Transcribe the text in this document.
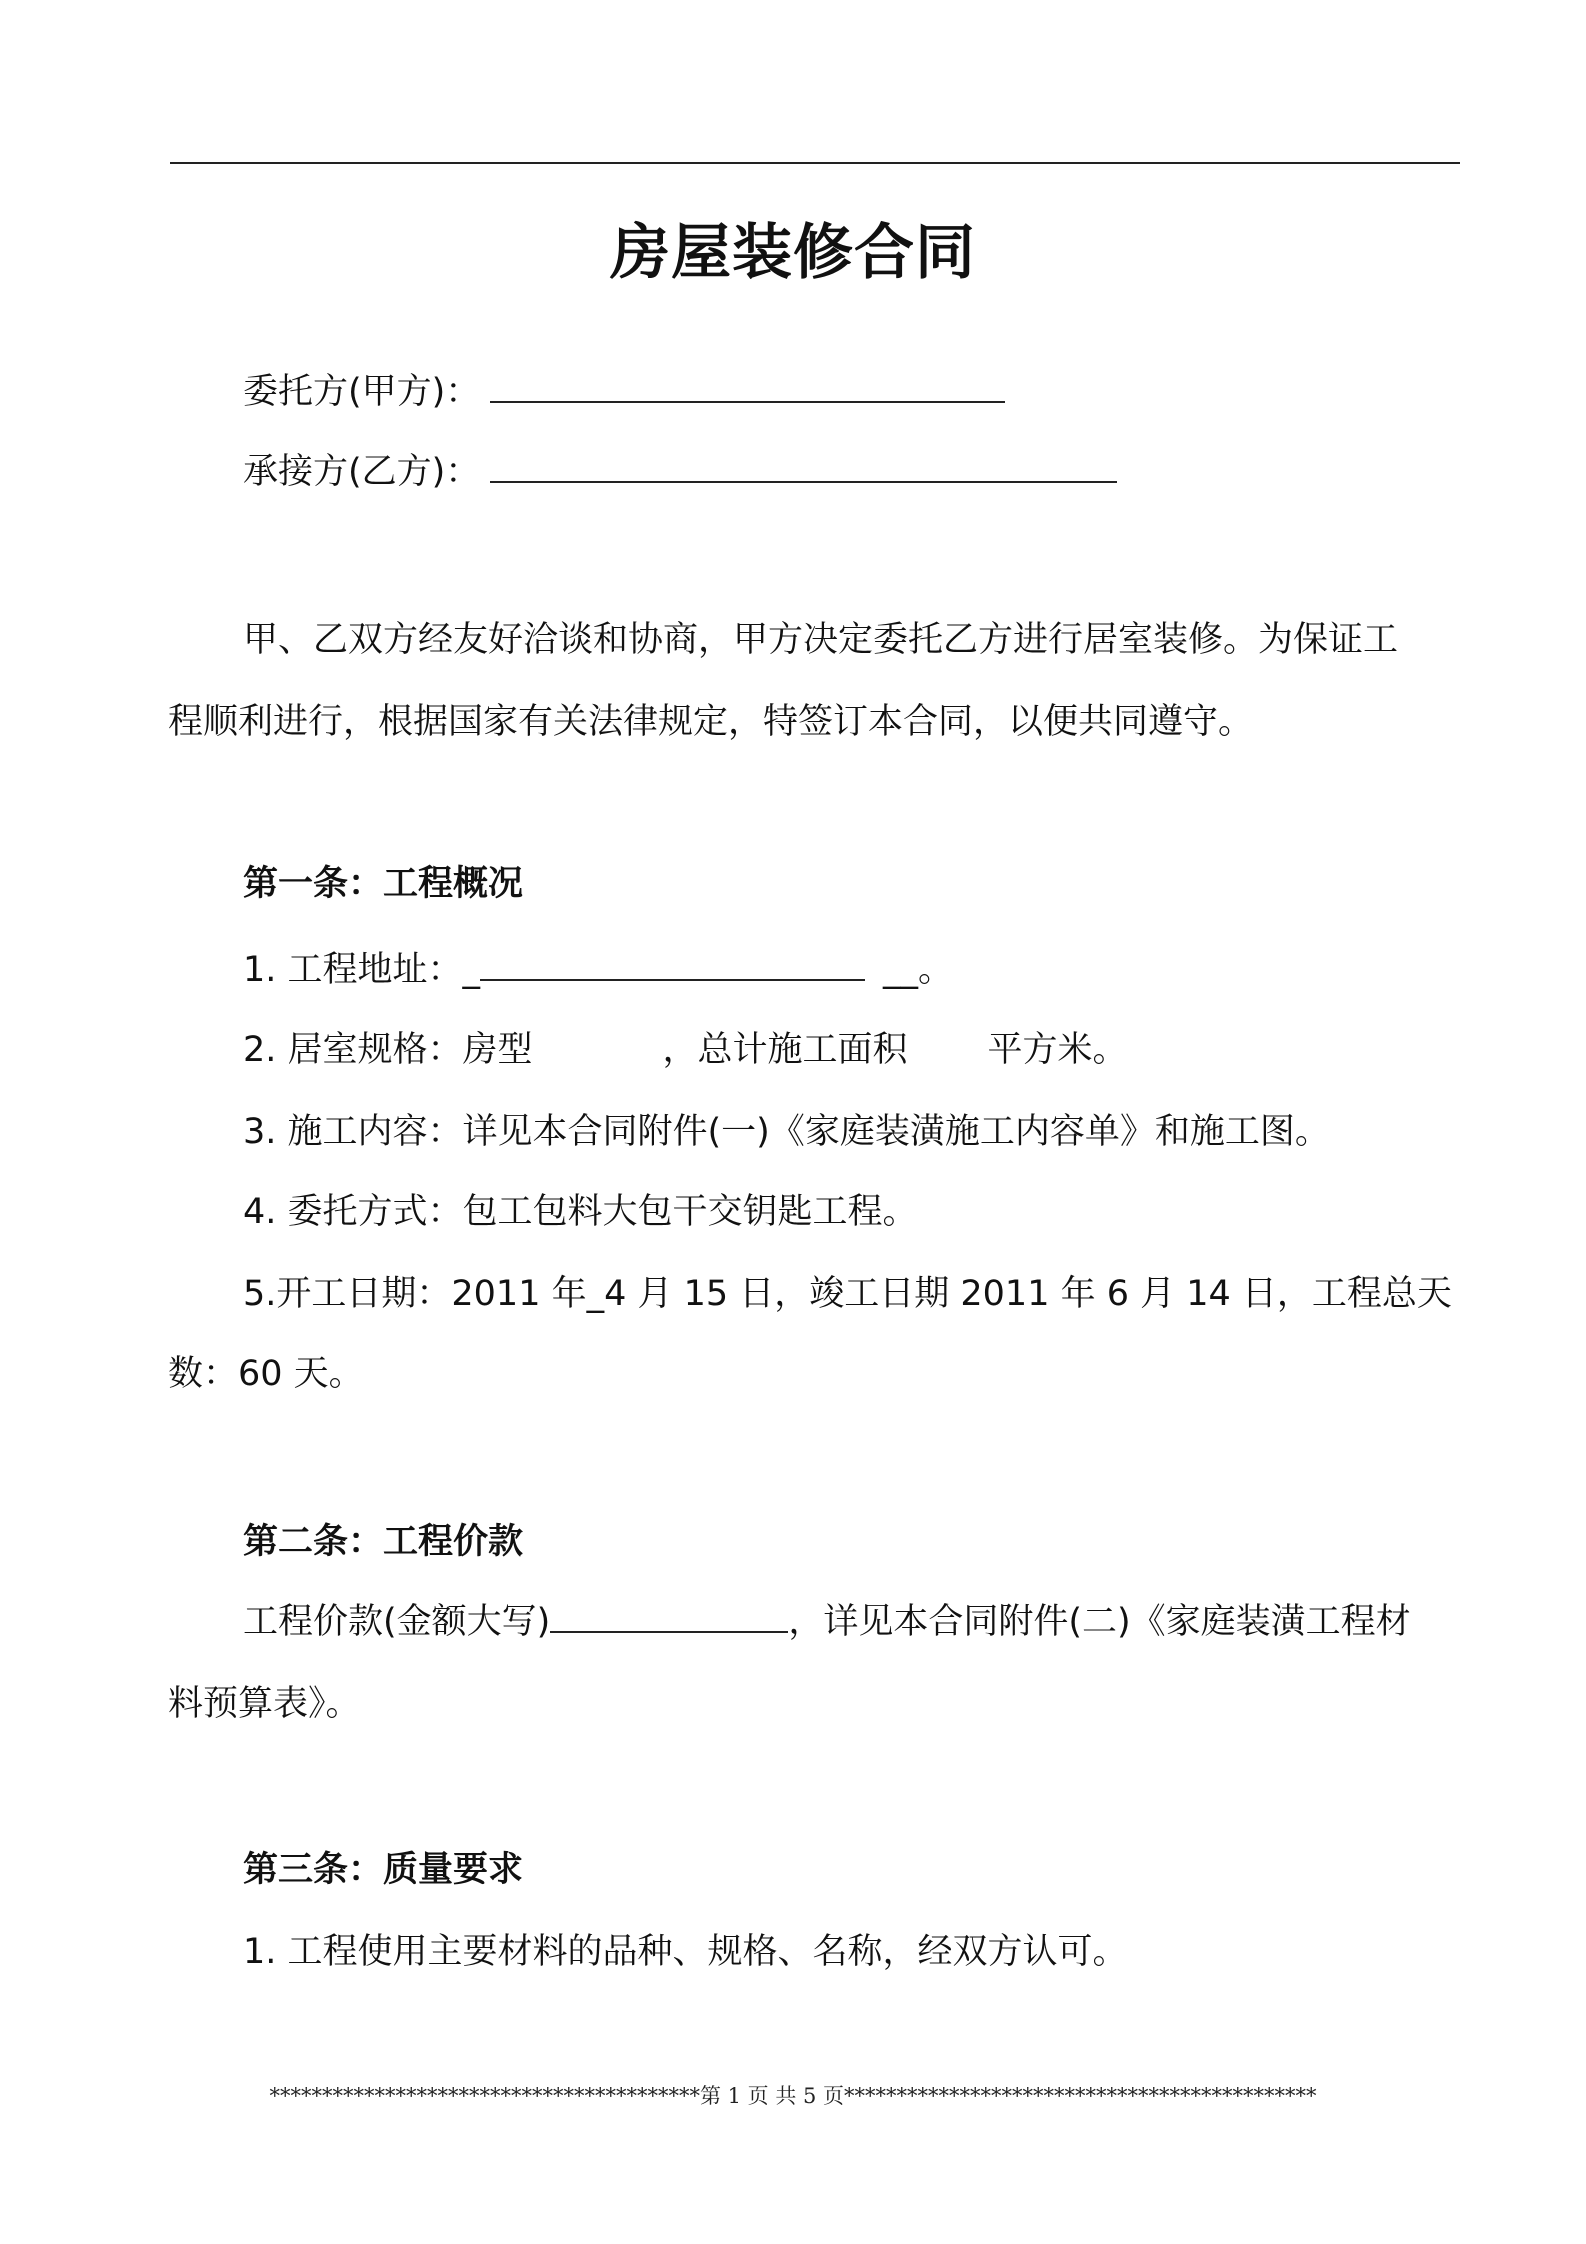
房屋装修合同
委托方(甲方)：
承接方(乙方)：
甲、乙双方经友好洽谈和协商，甲方决定委托乙方进行居室装修。为保证工
程顺利进行，根据国家有关法律规定，特签订本合同，以便共同遵守。
第一条：工程概况
1. 工程地址：_	__。
2. 居室规格：房型	，总计施工面积 平方米。
3. 施工内容：详见本合同附件(一)《家庭装潢施工内容单》和施工图。
4. 委托方式：包工包料大包干交钥匙工程。
5.开工日期：2011 年_4 月 15 日，竣工日期 2011 年 6 月 14 日，工程总天
数：60 天。
第二条：工程价款
工程价款(金额大写)	，详见本合同附件(二)《家庭装潢工程材
料预算表》。
第三条：质量要求
1. 工程使用主要材料的品种、规格、名称，经双方认可。
*****************************************第 1 页 共 5 页*********************************************
